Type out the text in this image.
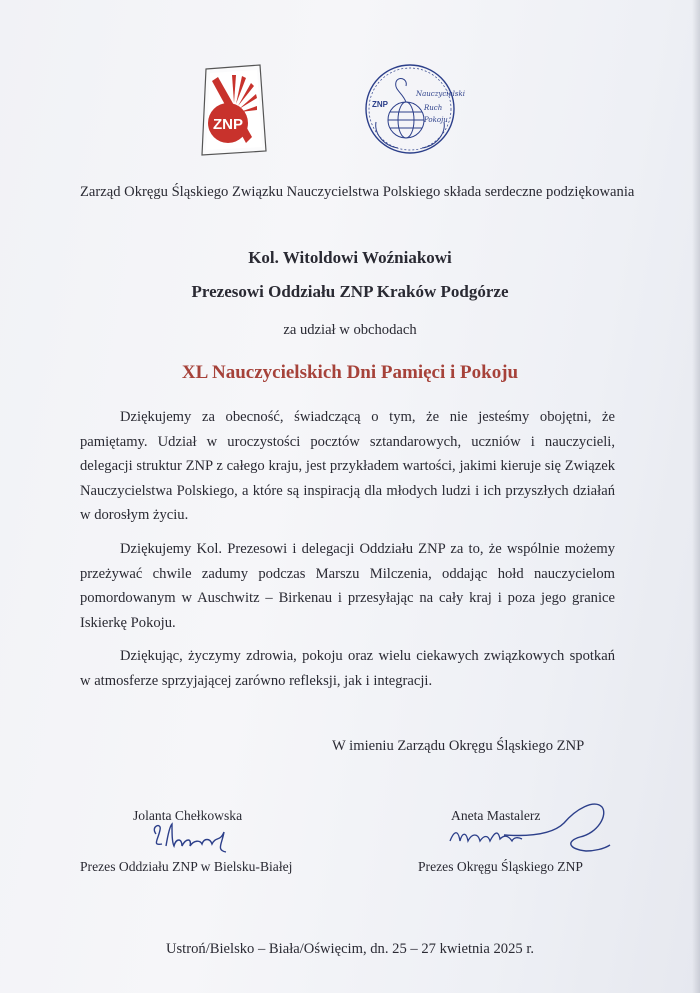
ZNP
ZNP
Nauczycielski
Ruch
Pokoju
Zarząd Okręgu Śląskiego Związku Nauczycielstwa Polskiego składa serdeczne podziękowania
Kol. Witoldowi Woźniakowi
Prezesowi Oddziału ZNP Kraków Podgórze
za udział w obchodach
XL Nauczycielskich Dni Pamięci i Pokoju

Dziękujemy za obecność, świadczącą o tym, że nie jesteśmy obojętni, że pamiętamy. Udział w uroczystości pocztów sztandarowych, uczniów i nauczycieli, delegacji struktur ZNP z całego kraju, jest przykładem wartości, jakimi kieruje się Związek Nauczycielstwa Polskiego, a które są inspiracją dla młodych ludzi i ich przyszłych działań w dorosłym życiu.

Dziękujemy Kol. Prezesowi i delegacji Oddziału ZNP za to, że wspólnie możemy przeżywać chwile zadumy podczas Marszu Milczenia, oddając hołd nauczycielom pomordowanym w Auschwitz – Birkenau i przesyłając na cały kraj i poza jego granice Iskierkę Pokoju.

Dziękując, życzymy zdrowia, pokoju oraz wielu ciekawych związkowych spotkań w atmosferze sprzyjającej zarówno refleksji, jak i integracji.

W imieniu Zarządu Okręgu Śląskiego ZNP
Jolanta Chełkowska
Prezes Oddziału ZNP w Bielsku-Białej
Aneta Mastalerz
Prezes Okręgu Śląskiego ZNP
Ustroń/Bielsko – Biała/Oświęcim, dn. 25 – 27 kwietnia 2025 r.
